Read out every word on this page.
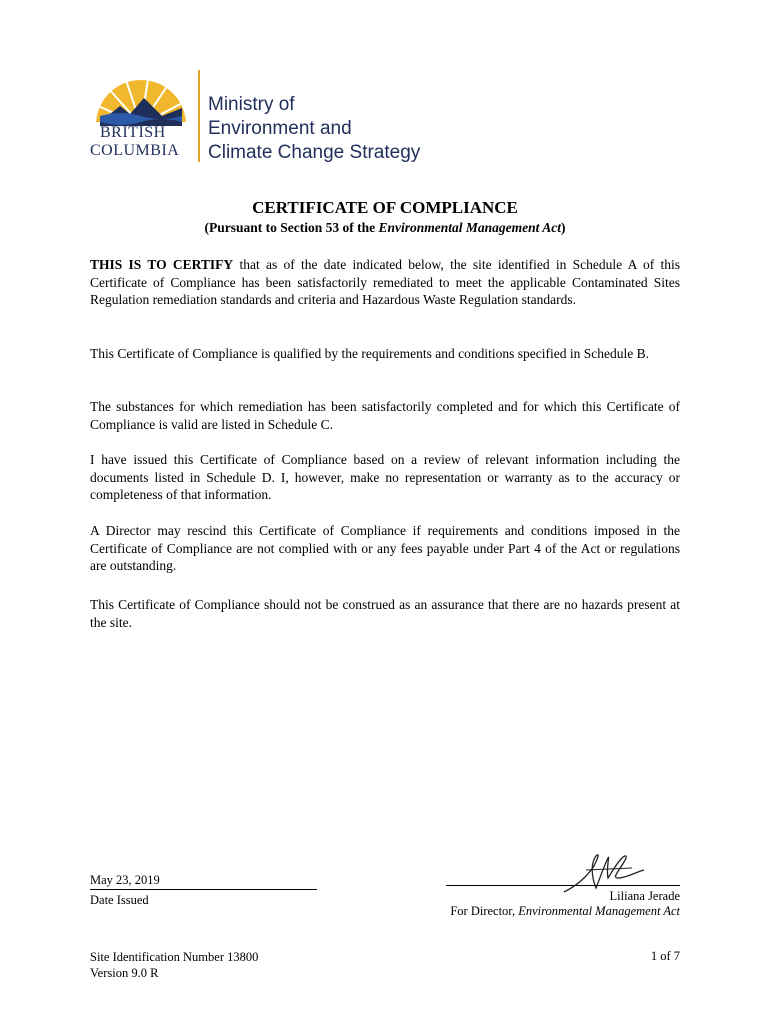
BRITISH
COLUMBIA
Ministry of
Environment and
Climate Change Strategy
CERTIFICATE OF COMPLIANCE
(Pursuant to Section 53 of the Environmental Management Act)
THIS IS TO CERTIFY that as of the date indicated below, the site identified in Schedule A of this Certificate of Compliance has been satisfactorily remediated to meet the applicable Contaminated Sites Regulation remediation standards and criteria and Hazardous Waste Regulation standards.
This Certificate of Compliance is qualified by the requirements and conditions specified in Schedule B.
The substances for which remediation has been satisfactorily completed and for which this Certificate of Compliance is valid are listed in Schedule C.
I have issued this Certificate of Compliance based on a review of relevant information including the documents listed in Schedule D. I, however, make no representation or warranty as to the accuracy or completeness of that information.
A Director may rescind this Certificate of Compliance if requirements and conditions imposed in the Certificate of Compliance are not complied with or any fees payable under Part 4 of the Act or regulations are outstanding.
This Certificate of Compliance should not be construed as an assurance that there are no hazards present at the site.
May 23, 2019
Date Issued	Liliana Jerade
For Director, Environmental Management Act
Site Identification Number 13800
Version 9.0 R
1 of 7
